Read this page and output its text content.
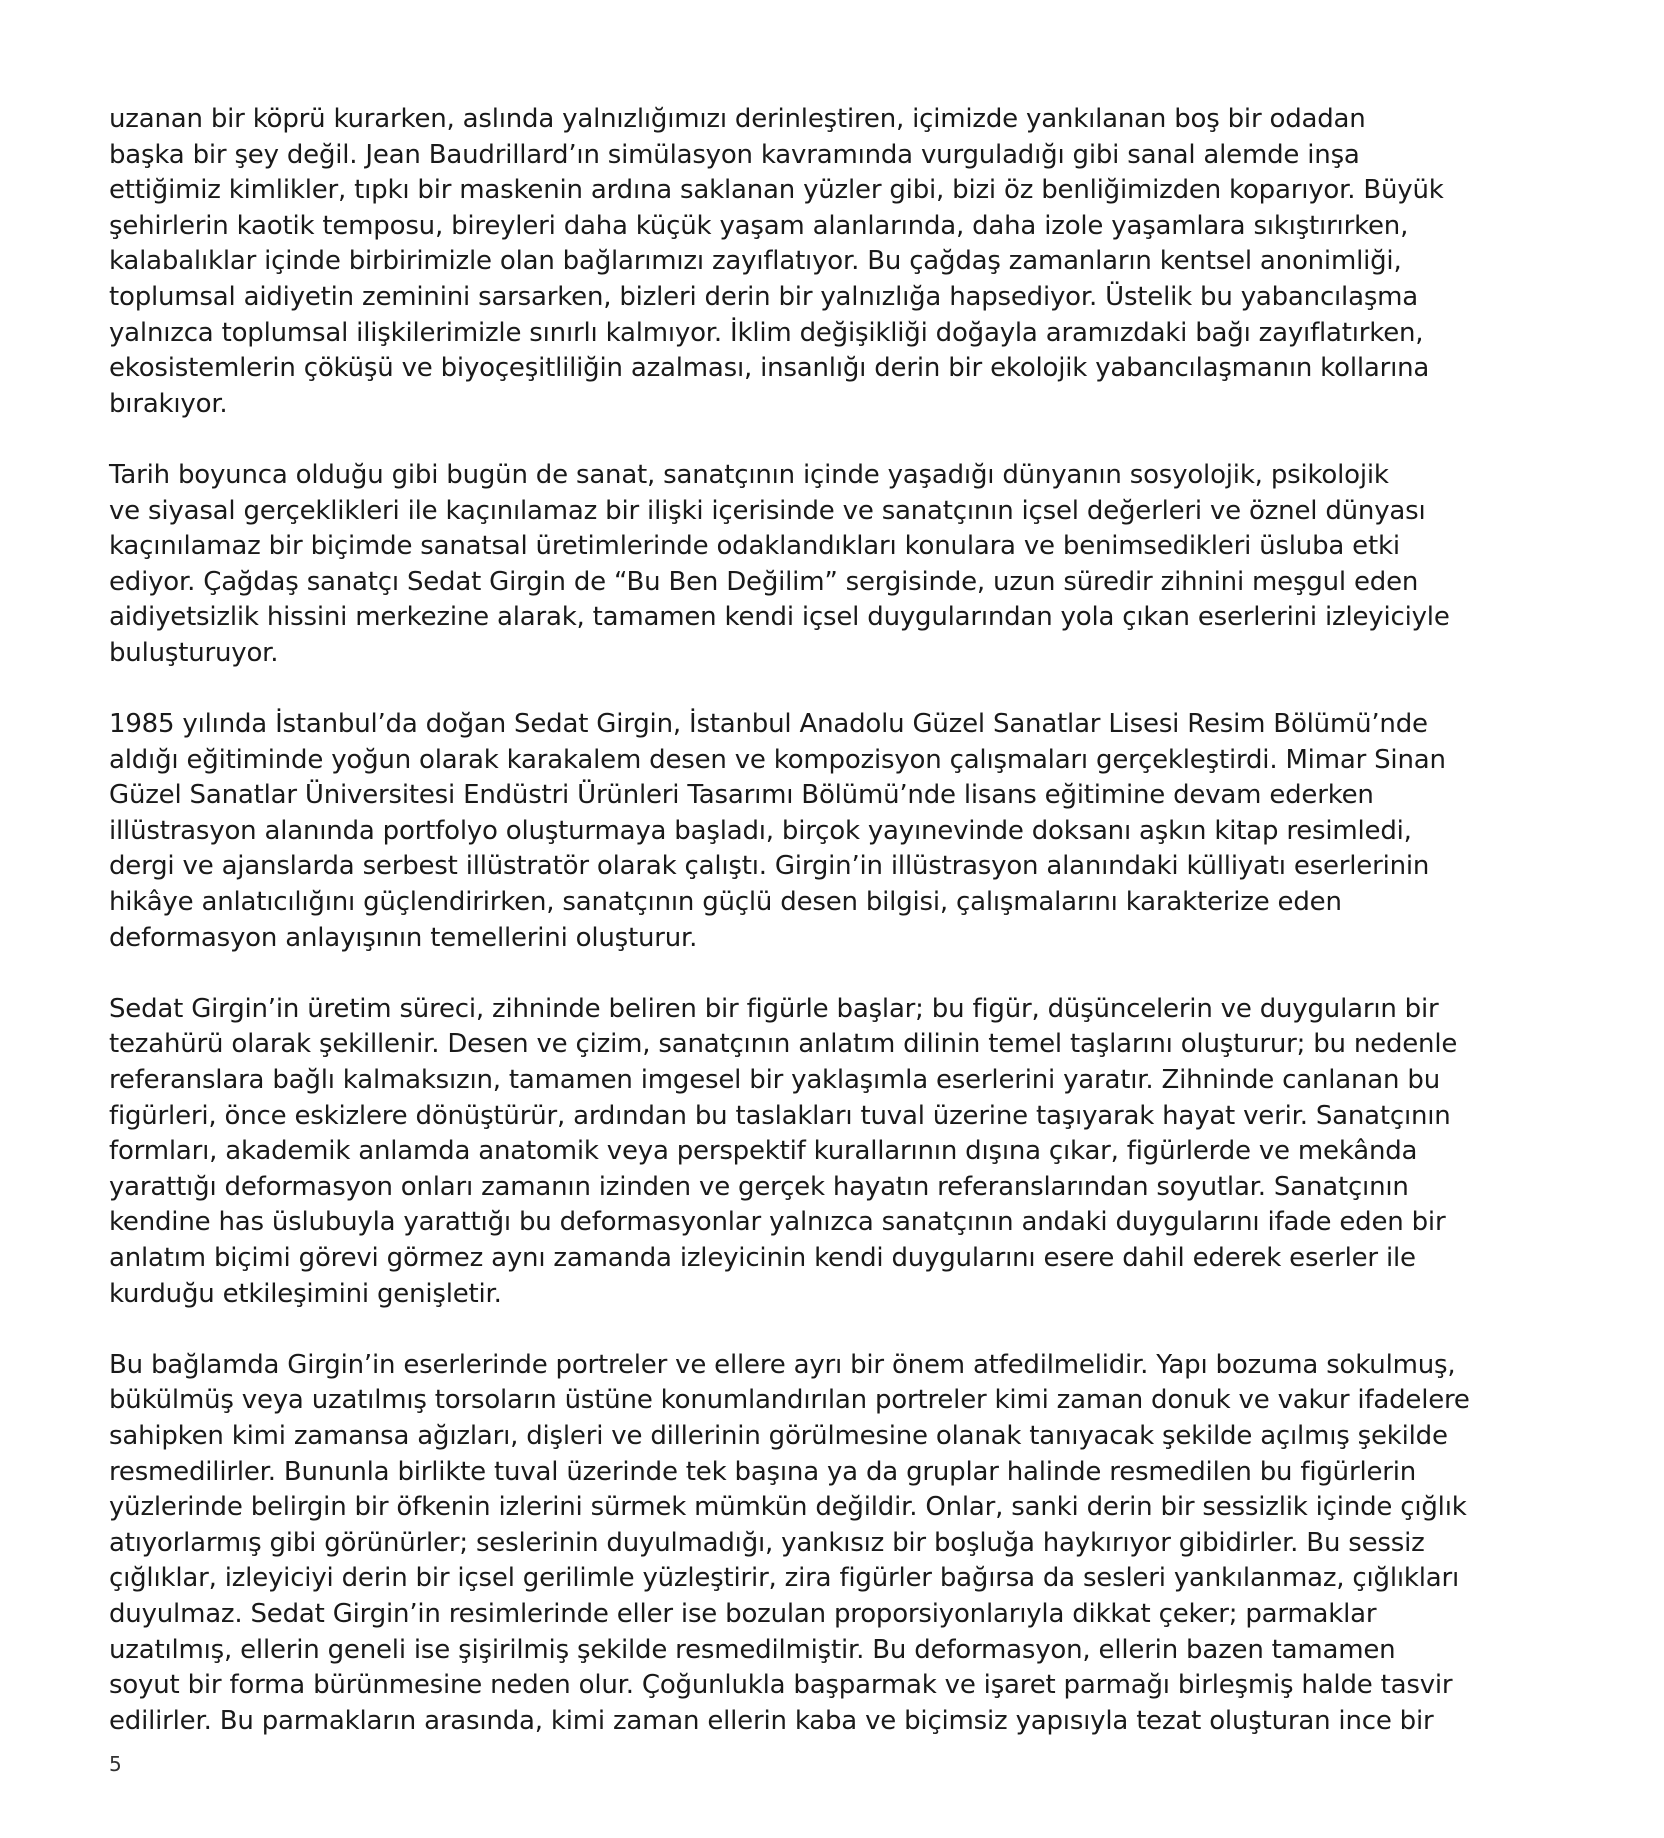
uzanan bir köprü kurarken, aslında yalnızlığımızı derinleştiren, içimizde yankılanan boş bir odadan
başka bir şey değil. Jean Baudrillard’ın simülasyon kavramında vurguladığı gibi sanal alemde inşa
ettiğimiz kimlikler, tıpkı bir maskenin ardına saklanan yüzler gibi, bizi öz benliğimizden koparıyor. Büyük
şehirlerin kaotik temposu, bireyleri daha küçük yaşam alanlarında, daha izole yaşamlara sıkıştırırken,
kalabalıklar içinde birbirimizle olan bağlarımızı zayıflatıyor. Bu çağdaş zamanların kentsel anonimliği,
toplumsal aidiyetin zeminini sarsarken, bizleri derin bir yalnızlığa hapsediyor. Üstelik bu yabancılaşma
yalnızca toplumsal ilişkilerimizle sınırlı kalmıyor. İklim değişikliği doğayla aramızdaki bağı zayıflatırken,
ekosistemlerin çöküşü ve biyoçeşitliliğin azalması, insanlığı derin bir ekolojik yabancılaşmanın kollarına
bırakıyor.

Tarih boyunca olduğu gibi bugün de sanat, sanatçının içinde yaşadığı dünyanın sosyolojik, psikolojik
ve siyasal gerçeklikleri ile kaçınılamaz bir ilişki içerisinde ve sanatçının içsel değerleri ve öznel dünyası
kaçınılamaz bir biçimde sanatsal üretimlerinde odaklandıkları konulara ve benimsedikleri üsluba etki
ediyor. Çağdaş sanatçı Sedat Girgin de “Bu Ben Değilim” sergisinde, uzun süredir zihnini meşgul eden
aidiyetsizlik hissini merkezine alarak, tamamen kendi içsel duygularından yola çıkan eserlerini izleyiciyle
buluşturuyor.

1985 yılında İstanbul’da doğan Sedat Girgin, İstanbul Anadolu Güzel Sanatlar Lisesi Resim Bölümü’nde
aldığı eğitiminde yoğun olarak karakalem desen ve kompozisyon çalışmaları gerçekleştirdi. Mimar Sinan
Güzel Sanatlar Üniversitesi Endüstri Ürünleri Tasarımı Bölümü’nde lisans eğitimine devam ederken
illüstrasyon alanında portfolyo oluşturmaya başladı, birçok yayınevinde doksanı aşkın kitap resimledi,
dergi ve ajanslarda serbest illüstratör olarak çalıştı. Girgin’in illüstrasyon alanındaki külliyatı eserlerinin
hikâye anlatıcılığını güçlendirirken, sanatçının güçlü desen bilgisi, çalışmalarını karakterize eden
deformasyon anlayışının temellerini oluşturur.

Sedat Girgin’in üretim süreci, zihninde beliren bir figürle başlar; bu figür, düşüncelerin ve duyguların bir
tezahürü olarak şekillenir. Desen ve çizim, sanatçının anlatım dilinin temel taşlarını oluşturur; bu nedenle
referanslara bağlı kalmaksızın, tamamen imgesel bir yaklaşımla eserlerini yaratır. Zihninde canlanan bu
figürleri, önce eskizlere dönüştürür, ardından bu taslakları tuval üzerine taşıyarak hayat verir. Sanatçının
formları, akademik anlamda anatomik veya perspektif kurallarının dışına çıkar, figürlerde ve mekânda
yarattığı deformasyon onları zamanın izinden ve gerçek hayatın referanslarından soyutlar. Sanatçının
kendine has üslubuyla yarattığı bu deformasyonlar yalnızca sanatçının andaki duygularını ifade eden bir
anlatım biçimi görevi görmez aynı zamanda izleyicinin kendi duygularını esere dahil ederek eserler ile
kurduğu etkileşimini genişletir.

Bu bağlamda Girgin’in eserlerinde portreler ve ellere ayrı bir önem atfedilmelidir. Yapı bozuma sokulmuş,
bükülmüş veya uzatılmış torsoların üstüne konumlandırılan portreler kimi zaman donuk ve vakur ifadelere
sahipken kimi zamansa ağızları, dişleri ve dillerinin görülmesine olanak tanıyacak şekilde açılmış şekilde
resmedilirler. Bununla birlikte tuval üzerinde tek başına ya da gruplar halinde resmedilen bu figürlerin
yüzlerinde belirgin bir öfkenin izlerini sürmek mümkün değildir. Onlar, sanki derin bir sessizlik içinde çığlık
atıyorlarmış gibi görünürler; seslerinin duyulmadığı, yankısız bir boşluğa haykırıyor gibidirler. Bu sessiz
çığlıklar, izleyiciyi derin bir içsel gerilimle yüzleştirir, zira figürler bağırsa da sesleri yankılanmaz, çığlıkları
duyulmaz. Sedat Girgin’in resimlerinde eller ise bozulan proporsiyonlarıyla dikkat çeker; parmaklar
uzatılmış, ellerin geneli ise şişirilmiş şekilde resmedilmiştir. Bu deformasyon, ellerin bazen tamamen
soyut bir forma bürünmesine neden olur. Çoğunlukla başparmak ve işaret parmağı birleşmiş halde tasvir
edilirler. Bu parmakların arasında, kimi zaman ellerin kaba ve biçimsiz yapısıyla tezat oluşturan ince bir

5
